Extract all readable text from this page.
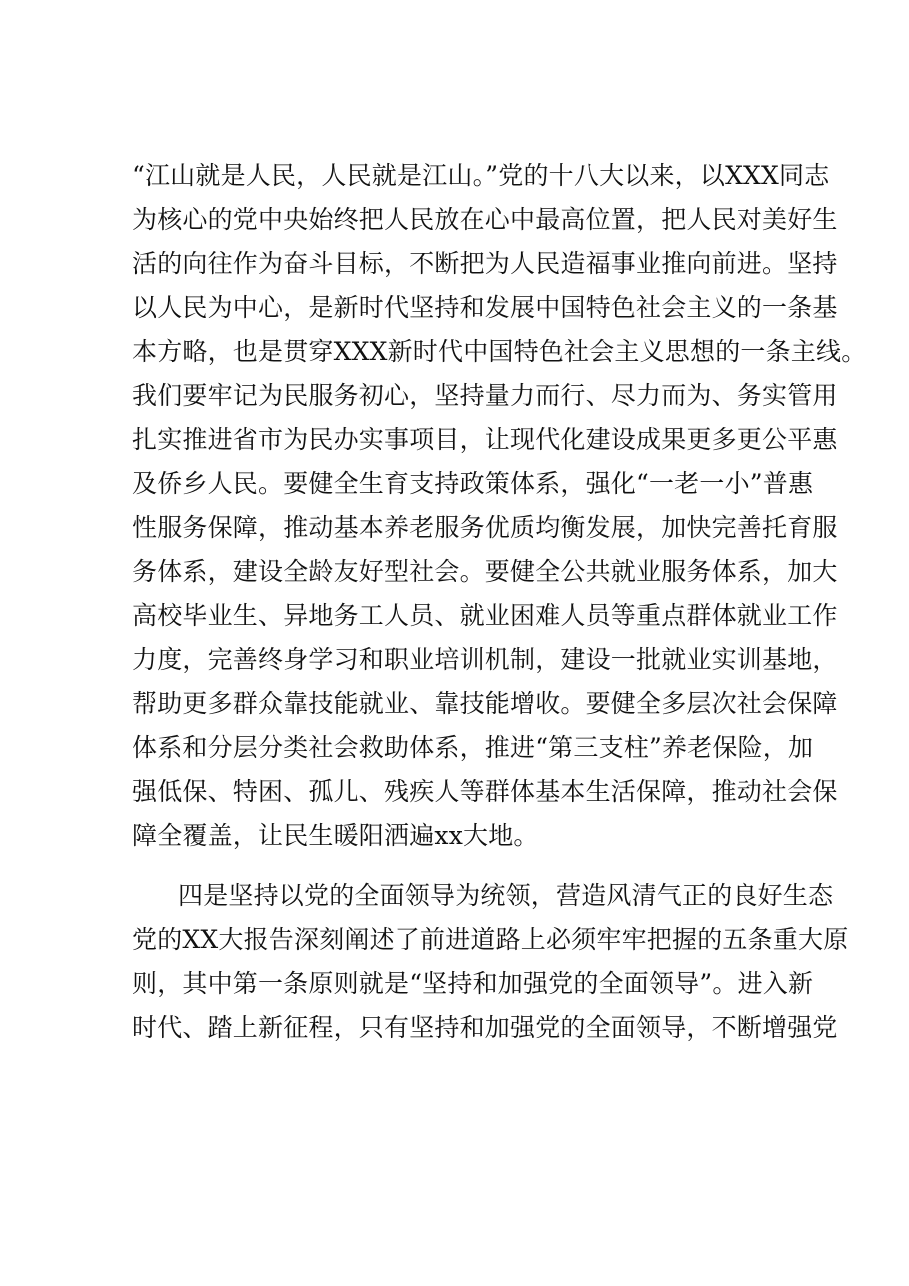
“江山就是人民，人民就是江山。”党的十八大以来，以XXX同志
为核心的党中央始终把人民放在心中最高位置，把人民对美好生
活的向往作为奋斗目标，不断把为人民造福事业推向前进。坚持
以人民为中心，是新时代坚持和发展中国特色社会主义的一条基
本方略，也是贯穿XXX新时代中国特色社会主义思想的一条主线。
我们要牢记为民服务初心，坚持量力而行、尽力而为、务实管用
扎实推进省市为民办实事项目，让现代化建设成果更多更公平惠
及侨乡人民。要健全生育支持政策体系，强化“一老一小”普惠
性服务保障，推动基本养老服务优质均衡发展，加快完善托育服
务体系，建设全龄友好型社会。要健全公共就业服务体系，加大
高校毕业生、异地务工人员、就业困难人员等重点群体就业工作
力度，完善终身学习和职业培训机制，建设一批就业实训基地，
帮助更多群众靠技能就业、靠技能增收。要健全多层次社会保障
体系和分层分类社会救助体系，推进“第三支柱”养老保险，加
强低保、特困、孤儿、残疾人等群体基本生活保障，推动社会保
障全覆盖，让民生暖阳洒遍xx大地。
四是坚持以党的全面领导为统领，营造风清气正的良好生态
党的XX大报告深刻阐述了前进道路上必须牢牢把握的五条重大原
则，其中第一条原则就是“坚持和加强党的全面领导”。进入新
时代、踏上新征程，只有坚持和加强党的全面领导，不断增强党
